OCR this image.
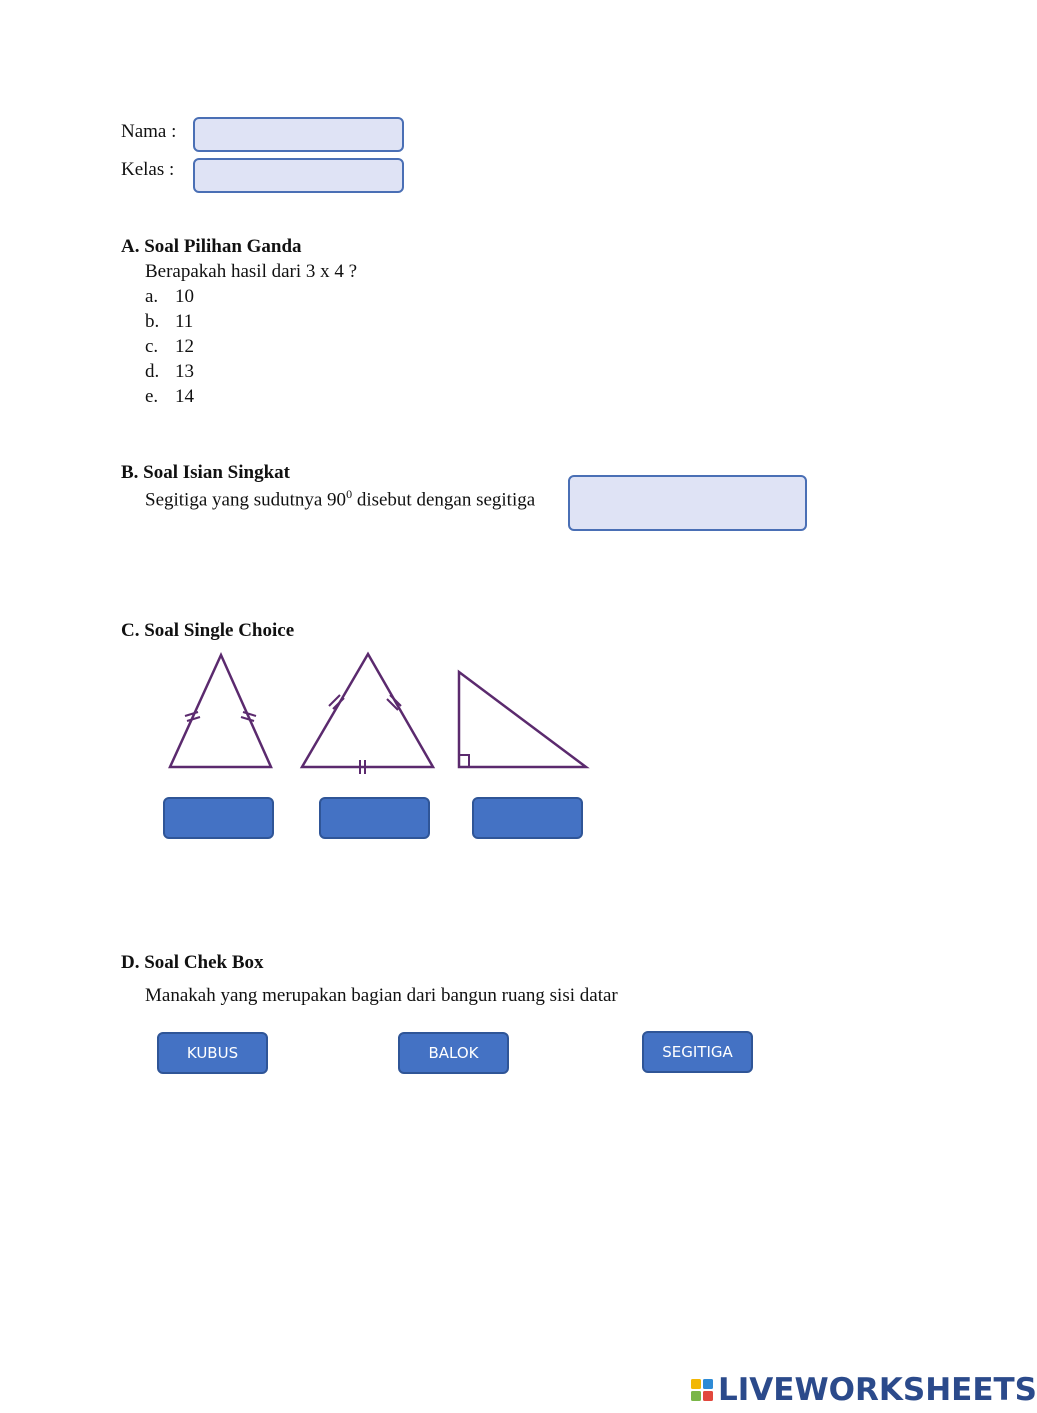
Nama :
Kelas :
A. Soal Pilihan Ganda
Berapakah hasil dari 3 x 4 ?
a. 10
b. 11
c. 12
d. 13
e. 14
B. Soal Isian Singkat
Segitiga yang sudutnya $90^0$ disebut dengan segitiga
C. Soal Single Choice
D. Soal Chek Box
Manakah yang merupakan bagian dari bangun ruang sisi datar
KUBUS	BALOK	SEGITIGA
LIVEWORKSHEETS
